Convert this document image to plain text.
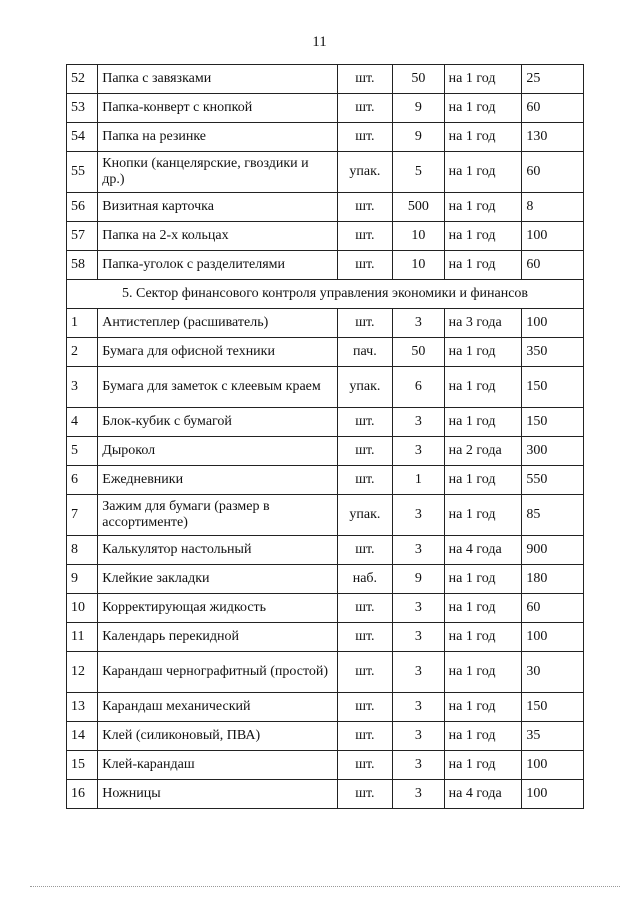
11
52	Папка с завязками	шт.	50	на 1 год	25
53	Папка-конверт с кнопкой	шт.	9	на 1 год	60
54	Папка на резинке	шт.	9	на 1 год	130
55	Кнопки (канцелярские, гвоздики и др.)	упак.	5	на 1 год	60
56	Визитная карточка	шт.	500	на 1 год	8
57	Папка на 2-х кольцах	шт.	10	на 1 год	100
58	Папка-уголок с разделителями	шт.	10	на 1 год	60
5. Сектор финансового контроля управления экономики и финансов					
1	Антистеплер (расшиватель)	шт.	3	на 3 года	100
2	Бумага для офисной техники	пач.	50	на 1 год	350
3	Бумага для заметок с клеевым краем	упак.	6	на 1 год	150
4	Блок-кубик с бумагой	шт.	3	на 1 год	150
5	Дырокол	шт.	3	на 2 года	300
6	Ежедневники	шт.	1	на 1 год	550
7	Зажим для бумаги (размер в ассортименте)	упак.	3	на 1 год	85
8	Калькулятор настольный	шт.	3	на 4 года	900
9	Клейкие закладки	наб.	9	на 1 год	180
10	Корректирующая жидкость	шт.	3	на 1 год	60
11	Календарь перекидной	шт.	3	на 1 год	100
12	Карандаш чернографитный (простой)	шт.	3	на 1 год	30
13	Карандаш механический	шт.	3	на 1 год	150
14	Клей (силиконовый, ПВА)	шт.	3	на 1 год	35
15	Клей-карандаш	шт.	3	на 1 год	100
16	Ножницы	шт.	3	на 4 года	100
